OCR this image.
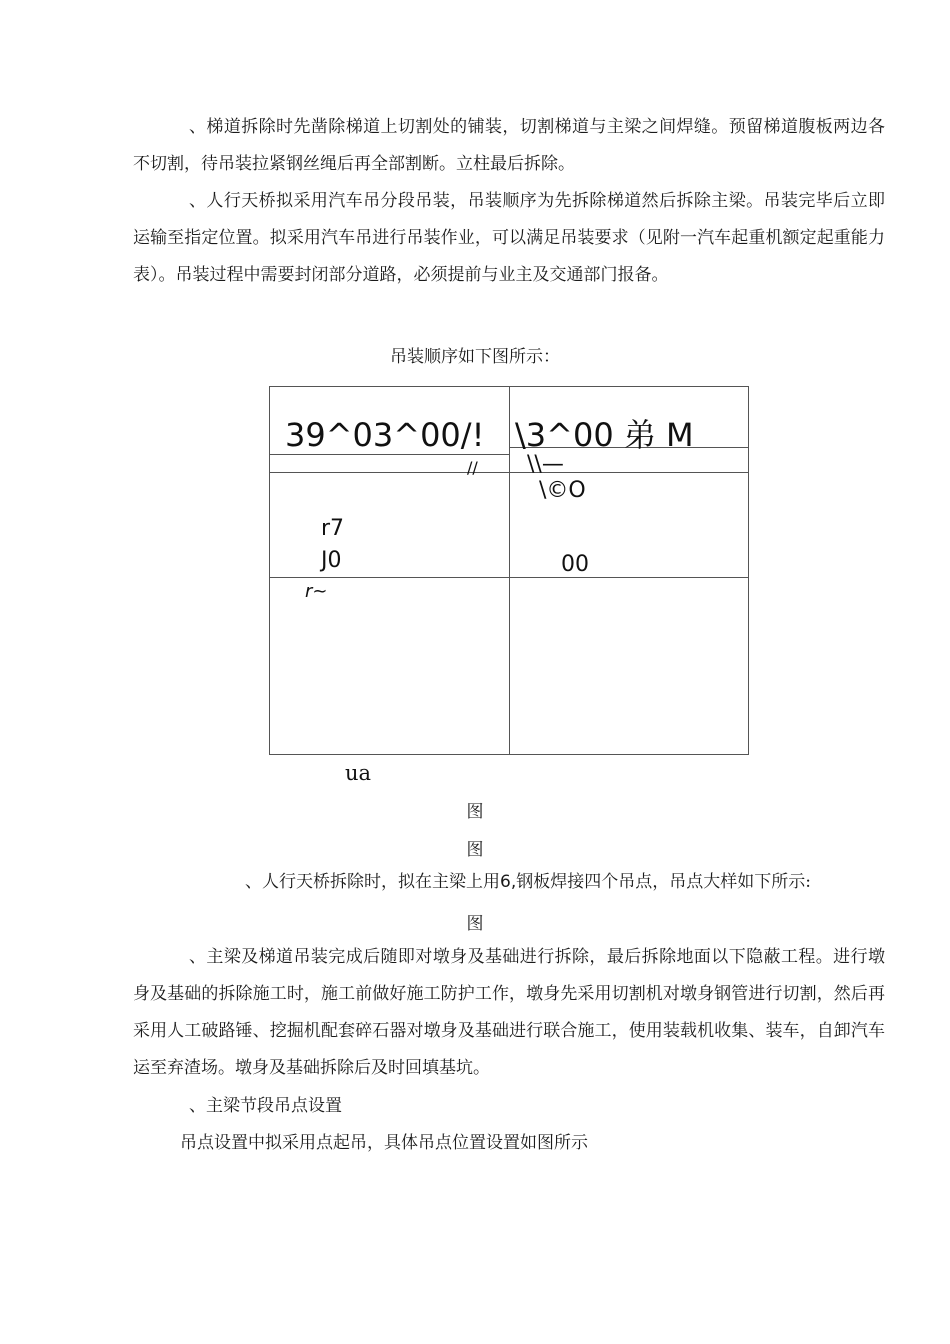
、梯道拆除时先凿除梯道上切割处的铺装，切割梯道与主梁之间焊缝。预留梯道腹板两边各不切割，待吊装拉紧钢丝绳后再全部割断。立柱最后拆除。

、人行天桥拟采用汽车吊分段吊装，吊装顺序为先拆除梯道然后拆除主梁。吊装完毕后立即运输至指定位置。拟采用汽车吊进行吊装作业，可以满足吊装要求（见附一汽车起重机额定起重能力表）。吊装过程中需要封闭部分道路，必须提前与业主及交通部门报备。

吊装顺序如下图所示：

39^03^00/! \3^00 弟 M
// \\—
\©O
r7
J0	00
r~
ua

图

图

、人行天桥拆除时，拟在主梁上用6,钢板焊接四个吊点，吊点大样如下所示:

图

、主梁及梯道吊装完成后随即对墩身及基础进行拆除，最后拆除地面以下隐蔽工程。进行墩身及基础的拆除施工时，施工前做好施工防护工作，墩身先采用切割机对墩身钢管进行切割，然后再采用人工破路锤、挖掘机配套碎石器对墩身及基础进行联合施工，使用装载机收集、装车，自卸汽车运至弃渣场。墩身及基础拆除后及时回填基坑。

、主梁节段吊点设置

吊点设置中拟采用点起吊，具体吊点位置设置如图所示
